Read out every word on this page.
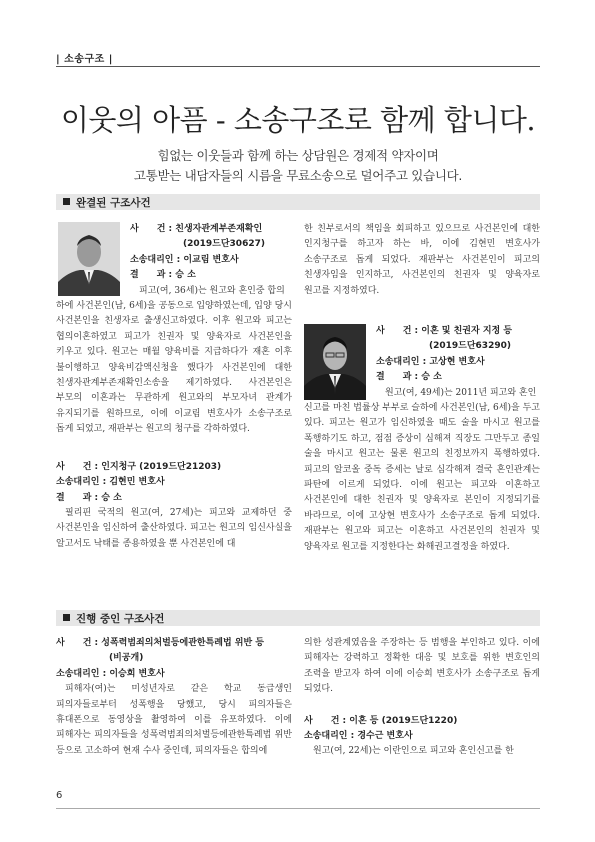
| 소송구조 |
이웃의 아픔 - 소송구조로 함께 합니다.
힘없는 이웃들과 함께 하는 상담원은 경제적 약자이며
고통받는 내담자들의 시름을 무료소송으로 덜어주고 있습니다.
완결된 구조사건
사　　건 : 친생자관계부존재확인
(2019드단30627)
소송대리인 : 이교림 변호사
결　　과 : 승 소

피고(여, 36세)는 원고와 혼인중 합의

하에 사건본인(남, 6세)을 공동으로 입양하였는데, 입양 당시 사건본인을 친생자로 출생신고하였다. 이후 원고와 피고는 협의이혼하였고 피고가 친권자 및 양육자로 사건본인을 키우고 있다. 원고는 매월 양육비를 지급하다가 재혼 이후 불이행하고 양육비감액신청을 했다가 사건본인에 대한 친생자관계부존재확인소송을 제기하였다. 사건본인은 부모의 이혼과는 무관하게 원고와의 부모자녀 관계가 유지되기를 원하므로, 이에 이교림 변호사가 소송구조로 돕게 되었고, 재판부는 원고의 청구를 각하하였다.

사　　건 : 인지청구 (2019드단21203)
소송대리인 : 김현민 변호사
결　　과 : 승 소

필리핀 국적의 원고(여, 27세)는 피고와 교제하던 중 사건본인을 임신하여 출산하였다. 피고는 원고의 임신사실을 알고서도 낙태를 종용하였을 뿐 사건본인에 대

한 친부로서의 책임을 회피하고 있으므로 사건본인에 대한 인지청구를 하고자 하는 바, 이에 김현민 변호사가 소송구조로 돕게 되었다. 재판부는 사건본인이 피고의 친생자임을 인지하고, 사건본인의 친권자 및 양육자로 원고를 지정하였다.

사　　건 : 이혼 및 친권자 지정 등
(2019드단63290)
소송대리인 : 고상현 변호사
결　　과 : 승 소

원고(여, 49세)는 2011년 피고와 혼인

신고를 마친 법률상 부부로 슬하에 사건본인(남, 6세)을 두고 있다. 피고는 원고가 임신하였을 때도 술을 마시고 원고를 폭행하기도 하고, 점점 증상이 심해져 직장도 그만두고 종일 술을 마시고 원고는 물론 원고의 친정보까지 폭행하였다. 피고의 알코올 중독 증세는 날로 심각해져 결국 혼인관계는 파탄에 이르게 되었다. 이에 원고는 피고와 이혼하고 사건본인에 대한 친권자 및 양육자로 본인이 지정되기를 바라므로, 이에 고상현 변호사가 소송구조로 돕게 되었다. 재판부는 원고와 피고는 이혼하고 사건본인의 친권자 및 양육자로 원고를 지정한다는 화해권고결정을 하였다.

진행 중인 구조사건
사　　건 : 성폭력범죄의처벌등에관한특례법 위반 등
(비공개)
소송대리인 : 이승희 변호사

피해자(여)는 미성년자로 같은 학교 동급생인 피의자들로부터 성폭행을 당했고, 당시 피의자들은 휴대폰으로 동영상을 촬영하여 이를 유포하였다. 이에 피해자는 피의자들을 성폭력범죄의처벌등에관한특례법 위반 등으로 고소하여 현재 수사 중인데, 피의자들은 합의에

의한 성관계였음을 주장하는 등 범행을 부인하고 있다. 이에 피해자는 강력하고 정확한 대응 및 보호를 위한 변호인의 조력을 받고자 하여 이에 이승희 변호사가 소송구조로 돕게 되었다.

사　　건 : 이혼 등 (2019드단1220)
소송대리인 : 경수근 변호사

원고(여, 22세)는 이란인으로 피고와 혼인신고를 한

6
